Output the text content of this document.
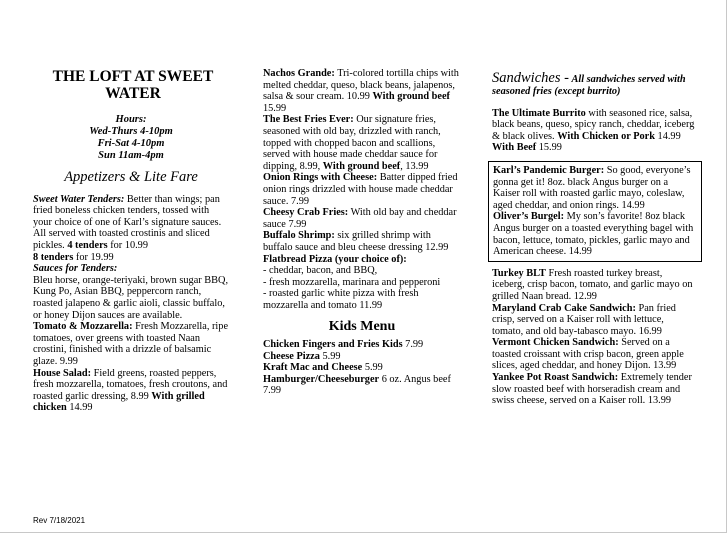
THE LOFT AT SWEET WATER
Hours:
Wed-Thurs 4-10pm
Fri-Sat 4-10pm
Sun 11am-4pm
Appetizers & Lite Fare
Sweet Water Tenders: Better than wings; pan fried boneless chicken tenders, tossed with your choice of one of Karl’s signature sauces. All served with toasted crostinis and sliced pickles. 4 tenders for 10.99
8 tenders for 19.99
Sauces for Tenders:
Bleu horse, orange-teriyaki, brown sugar BBQ, Kung Po, Asian BBQ, peppercorn ranch, roasted jalapeno & garlic aioli, classic buffalo, or honey Dijon sauces are available.
Tomato & Mozzarella: Fresh Mozzarella, ripe tomatoes, over greens with toasted Naan crostini, finished with a drizzle of balsamic glaze. 9.99
House Salad: Field greens, roasted peppers, fresh mozzarella, tomatoes, fresh croutons, and roasted garlic dressing, 8.99 With grilled chicken 14.99
Nachos Grande: Tri-colored tortilla chips with melted cheddar, queso, black beans, jalapenos, salsa & sour cream. 10.99 With ground beef 15.99
The Best Fries Ever: Our signature fries, seasoned with old bay, drizzled with ranch, topped with chopped bacon and scallions, served with house made cheddar sauce for dipping, 8.99, With ground beef, 13.99
Onion Rings with Cheese: Batter dipped fried onion rings drizzled with house made cheddar sauce. 7.99
Cheesy Crab Fries: With old bay and cheddar sauce 7.99
Buffalo Shrimp: six grilled shrimp with buffalo sauce and bleu cheese dressing 12.99
Flatbread Pizza (your choice of):
- cheddar, bacon, and BBQ,
- fresh mozzarella, marinara and pepperoni
- roasted garlic white pizza with fresh mozzarella and tomato 11.99
Kids Menu
Chicken Fingers and Fries Kids 7.99
Cheese Pizza 5.99
Kraft Mac and Cheese 5.99
Hamburger/Cheeseburger 6 oz. Angus beef 7.99
Sandwiches - All sandwiches served with seasoned fries (except burrito)
The Ultimate Burrito with seasoned rice, salsa, black beans, queso, spicy ranch, cheddar, iceberg & black olives. With Chicken or Pork 14.99   With Beef 15.99
Karl’s Pandemic Burger: So good, everyone’s gonna get it! 8oz. black Angus burger on a Kaiser roll with roasted garlic mayo, coleslaw, aged cheddar, and onion rings. 14.99
Oliver’s Burgel: My son’s favorite! 8oz black Angus burger on a toasted everything bagel with bacon, lettuce, tomato, pickles, garlic mayo and American cheese. 14.99
Turkey BLT Fresh roasted turkey breast, iceberg, crisp bacon, tomato, and garlic mayo on grilled Naan bread. 12.99
Maryland Crab Cake Sandwich: Pan fried crisp, served on a Kaiser roll with lettuce, tomato, and old bay-tabasco mayo. 16.99
Vermont Chicken Sandwich: Served on a toasted croissant with crisp bacon, green apple slices, aged cheddar, and honey Dijon. 13.99
Yankee Pot Roast Sandwich: Extremely tender slow roasted beef with horseradish cream and swiss cheese, served on a Kaiser roll. 13.99
Rev 7/18/2021
